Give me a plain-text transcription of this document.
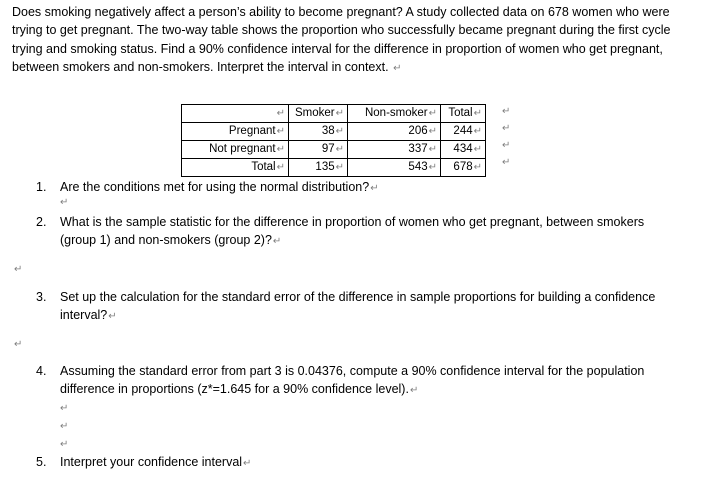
Does smoking negatively affect a person’s ability to become pregnant? A study collected data on 678 women who were trying to get pregnant. The two-way table shows the proportion who successfully became pregnant during the first cycle trying and smoking status. Find a 90% confidence interval for the difference in proportion of women who get pregnant, between smokers and non-smokers. Interpret the interval in context. ↵
↵	Smoker↵	Non-smoker↵	Total↵
Pregnant↵	38↵	206↵	244↵
Not pregnant↵	97↵	337↵	434↵
Total↵	135↵	543↵	678↵
↵
↵
↵
↵
1. Are the conditions met for using the normal distribution?↵
↵
2. What is the sample statistic for the difference in proportion of women who get pregnant, between smokers (group 1) and non-smokers (group 2)?↵
↵
3. Set up the calculation for the standard error of the difference in sample proportions for building a confidence interval?↵
↵
4. Assuming the standard error from part 3 is 0.04376, compute a 90% confidence interval for the population difference in proportions (z*=1.645 for a 90% confidence level).↵
↵
↵
↵
5. Interpret your confidence interval↵
